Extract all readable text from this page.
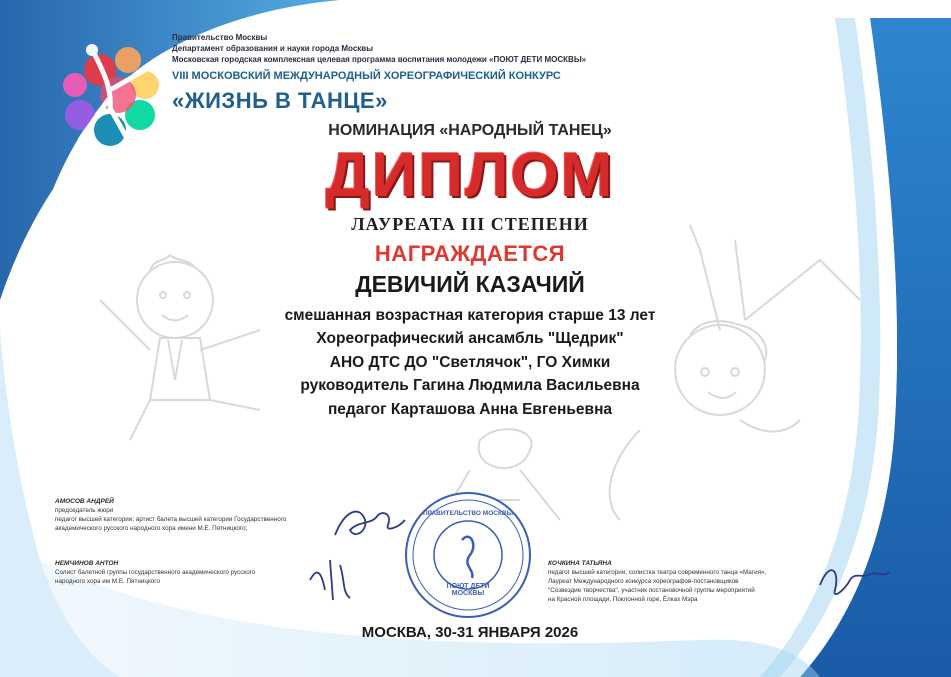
Правительство Москвы
Департамент образования и науки города Москвы
Московская городская комплексная целевая программа воспитания молодежи «ПОЮТ ДЕТИ МОСКВЫ»
VIII МОСКОВСКИЙ МЕЖДУНАРОДНЫЙ ХОРЕОГРАФИЧЕСКИЙ КОНКУРС
«ЖИЗНЬ В ТАНЦЕ»
НОМИНАЦИЯ «НАРОДНЫЙ ТАНЕЦ»
ДИПЛОМ
ЛАУРЕАТА III СТЕПЕНИ
НАГРАЖДАЕТСЯ
ДЕВИЧИЙ КАЗАЧИЙ
смешанная возрастная категория старше 13 лет
Хореографический ансамбль "Щедрик"
АНО ДТС ДО "Светлячок", ГО Химки
руководитель Гагина Людмила Васильевна
педагог Карташова Анна Евгеньевна
АМОСОВ АНДРЕЙ
председатель жюри
педагог высшей категории; артист балета высшей категории Государственного
академического русского народного хора имени М.Е. Пятницкого;
НЕМЧИНОВ АНТОН
Солист балетной группы государственного академического русского
народного хора им М.Е. Пятницкого
КОЧКИНА ТАТЬЯНА
педагог высшей категории, солистка театра современного танца «Магия»,
Лауреат Международного конкурса хореографов-постановщиков
"Созвездие творчества", участник постановочной группы мероприятий
на Красной площади, Поклонной горе, Ёлках Мэра
ПРАВИТЕЛЬСТВО МОСКВЫ
ПОЮТ ДЕТИ МОСКВЫ
МОСКВА, 30-31 ЯНВАРЯ 2026
